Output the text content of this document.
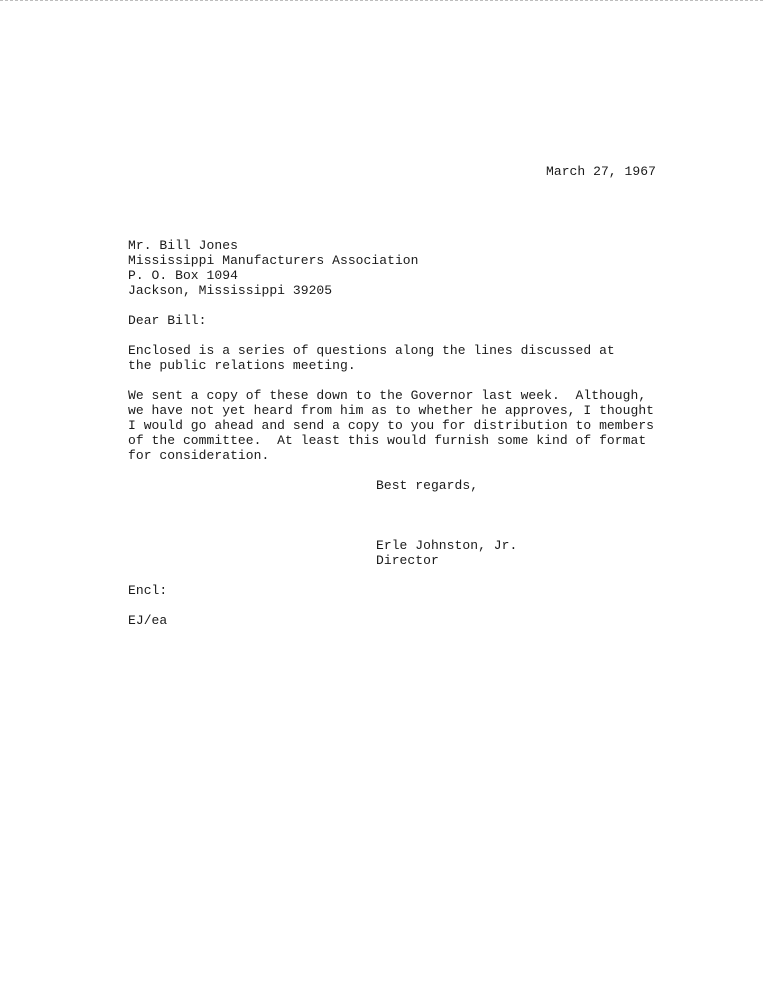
March 27, 1967
Mr. Bill Jones
Mississippi Manufacturers Association
P. O. Box 1094
Jackson, Mississippi 39205
Dear Bill:
Enclosed is a series of questions along the lines discussed at
the public relations meeting.
We sent a copy of these down to the Governor last week.  Although,
we have not yet heard from him as to whether he approves, I thought
I would go ahead and send a copy to you for distribution to members
of the committee.  At least this would furnish some kind of format
for consideration.
Best regards,
Erle Johnston, Jr.
Director
Encl:
EJ/ea
